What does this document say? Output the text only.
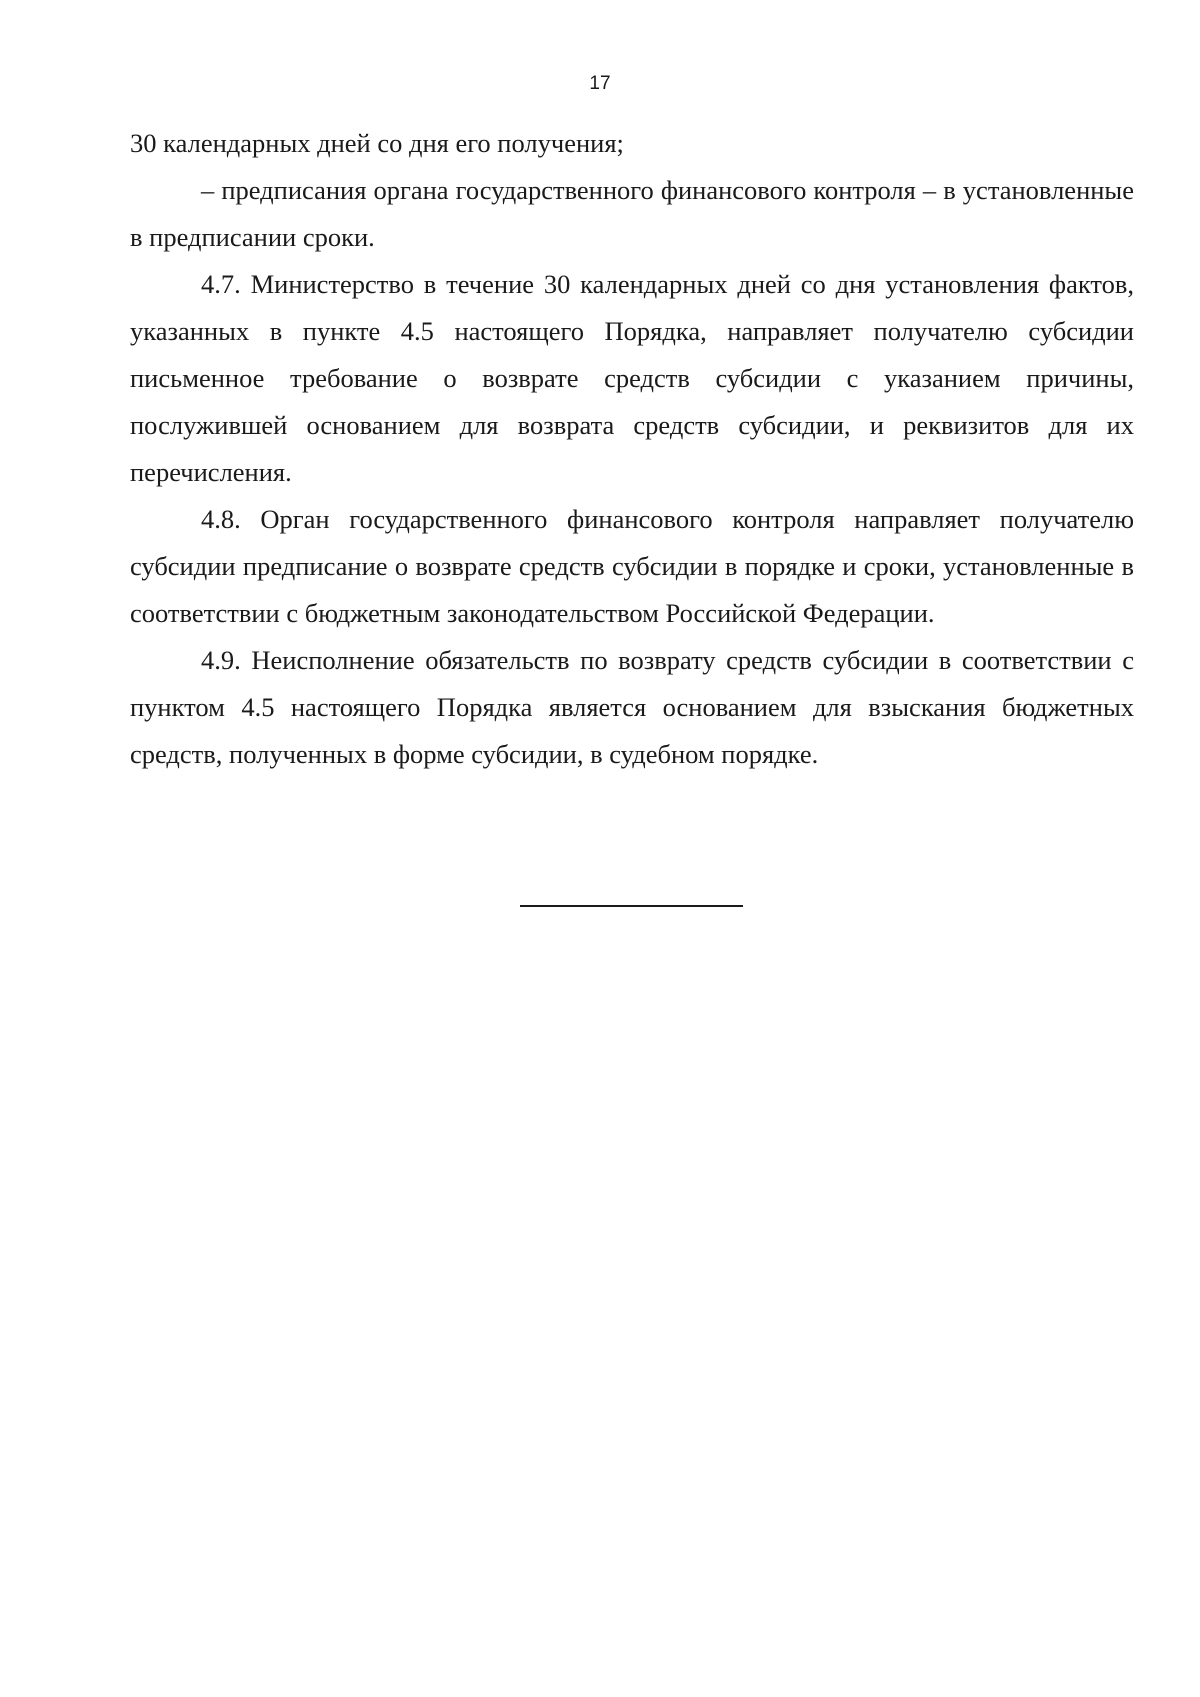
17

30 календарных дней со дня его получения;

– предписания органа государственного финансового контроля – в установленные в предписании сроки.

4.7. Министерство в течение 30 календарных дней со дня установления фактов, указанных в пункте 4.5 настоящего Порядка, направляет получателю субсидии письменное требование о возврате средств субсидии с указанием причины, послужившей основанием для возврата средств субсидии, и реквизитов для их перечисления.

4.8. Орган государственного финансового контроля направляет получателю субсидии предписание о возврате средств субсидии в порядке и сроки, установленные в соответствии с бюджетным законодательством Российской Федерации.

4.9. Неисполнение обязательств по возврату средств субсидии в соответствии с пунктом 4.5 настоящего Порядка является основанием для взыскания бюджетных средств, полученных в форме субсидии, в судебном порядке.
